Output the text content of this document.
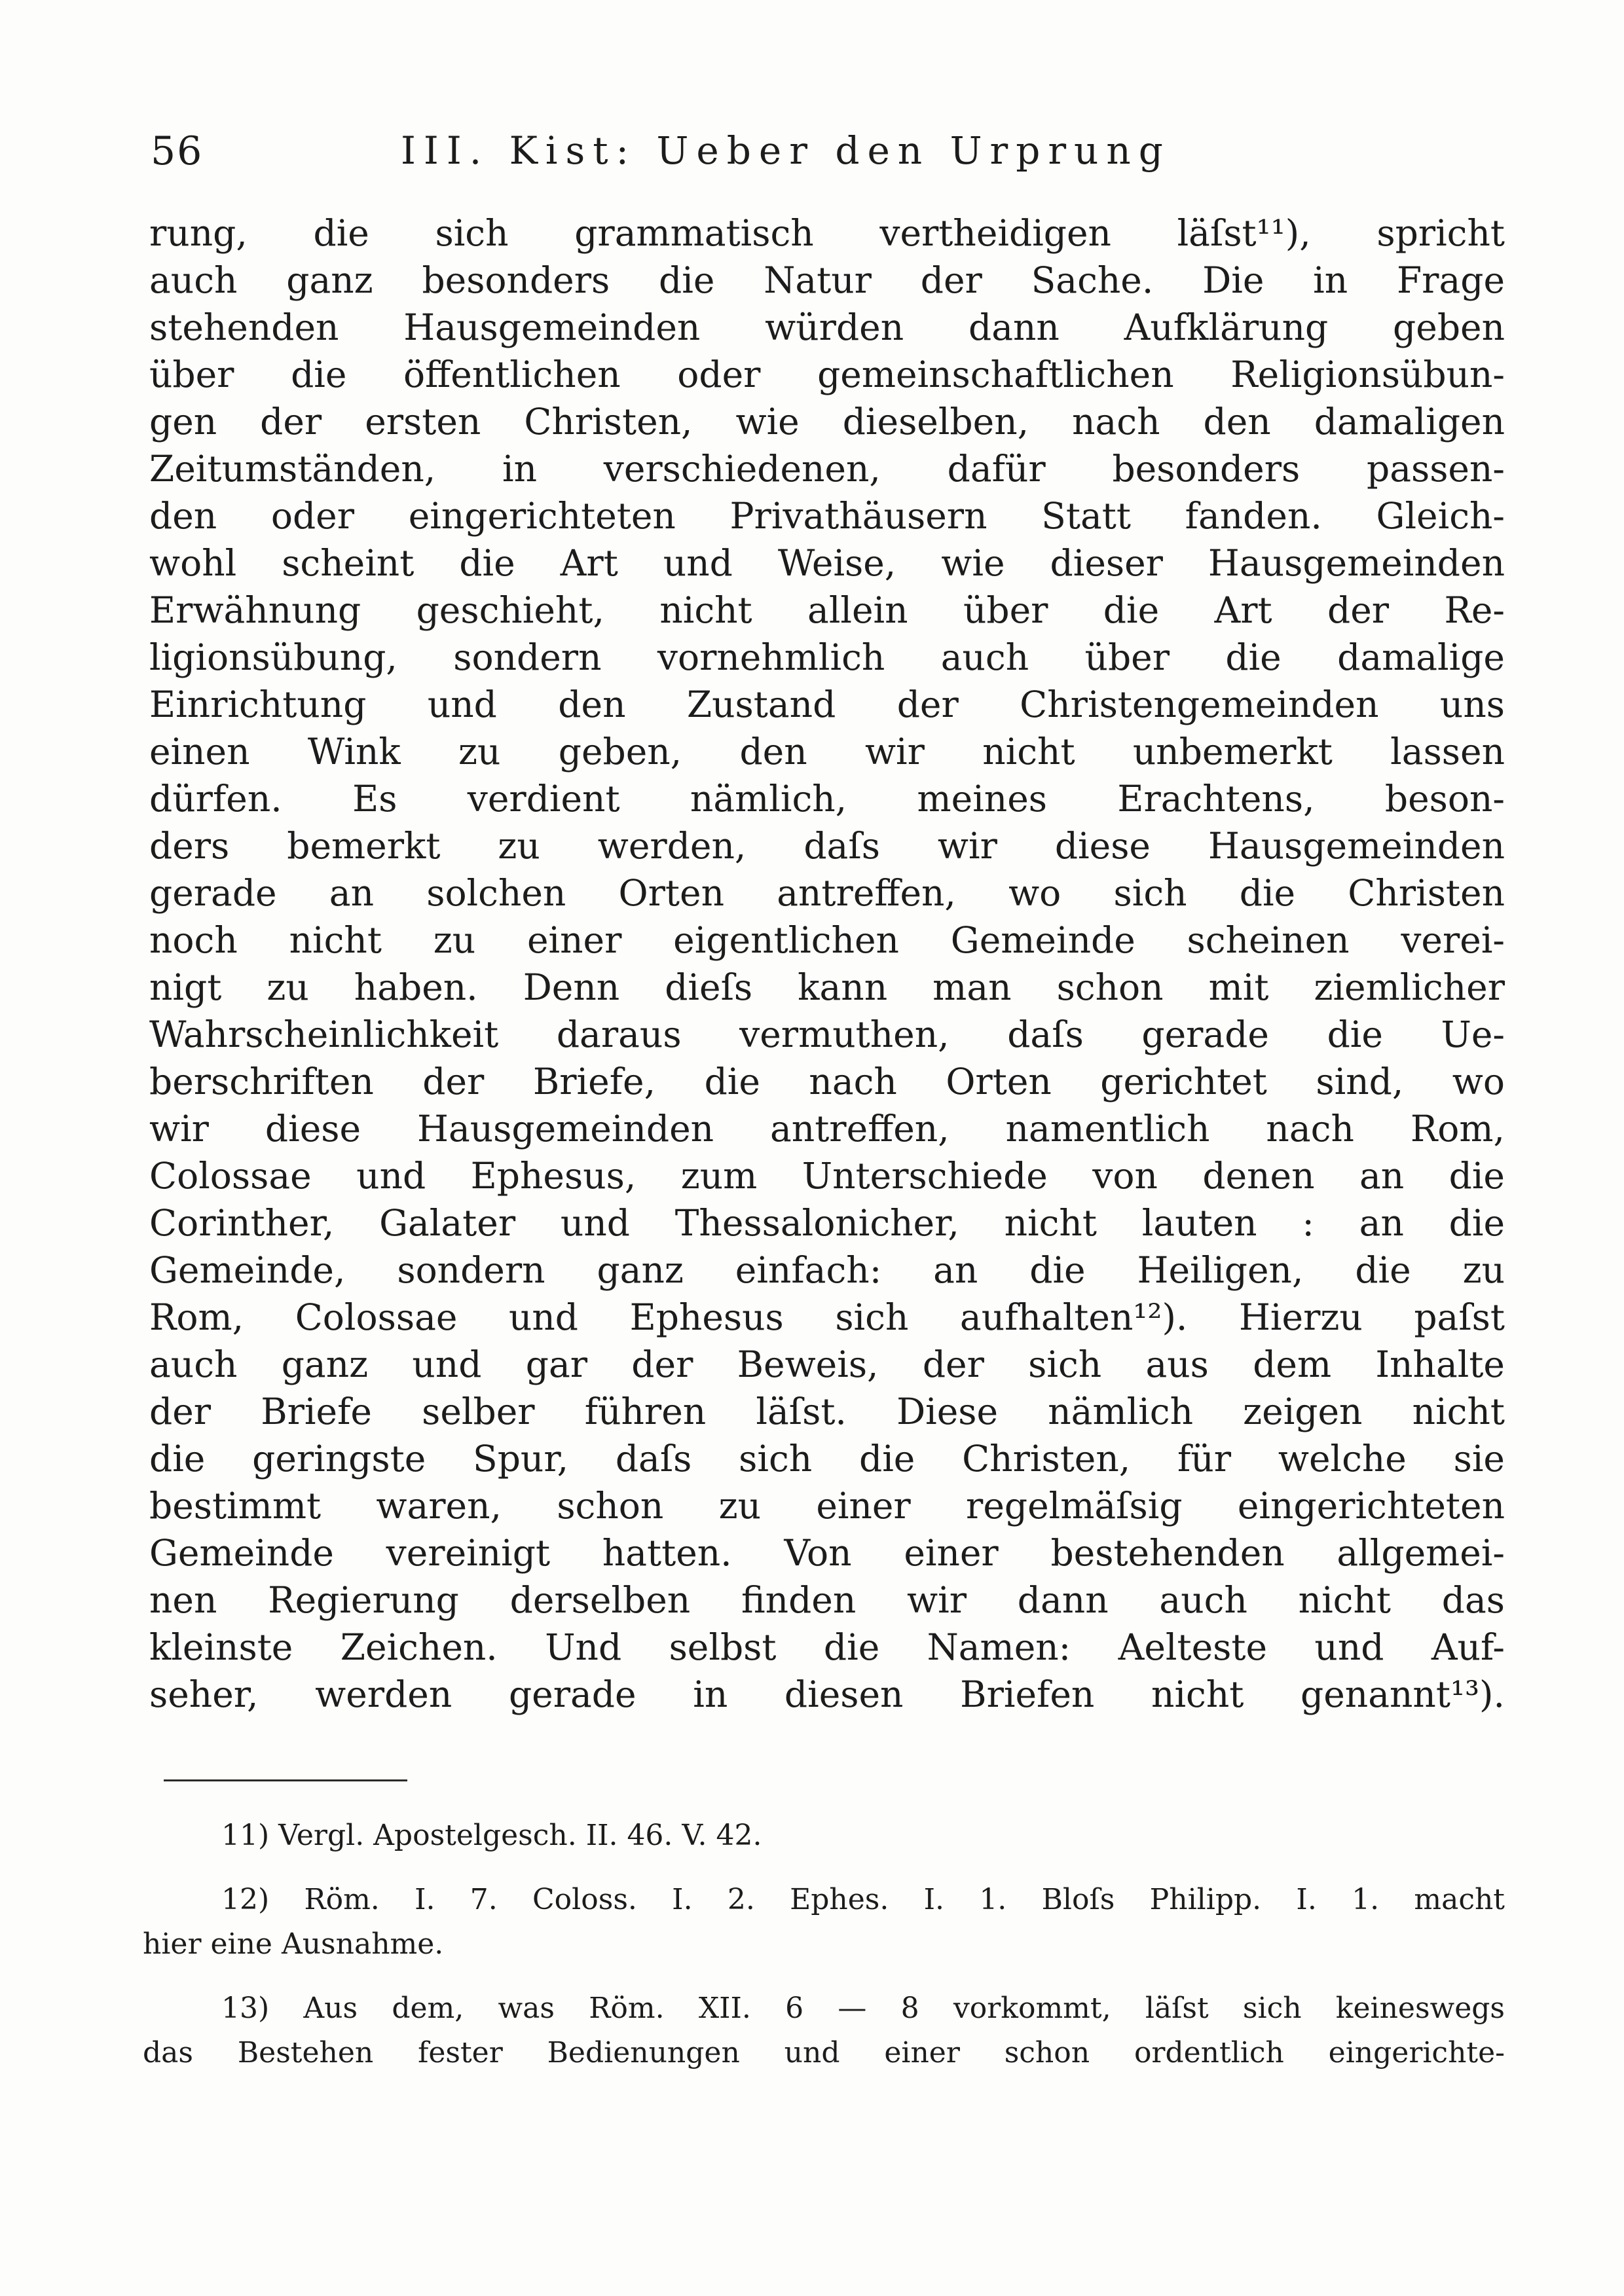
56	III. Kist: Ueber den Urprung
rung, die sich grammatisch vertheidigen läſst¹¹), spricht
auch ganz besonders die Natur der Sache. Die in Frage
stehenden Hausgemeinden würden dann Aufklärung geben
über die öffentlichen oder gemeinschaftlichen Religionsübun-
gen der ersten Christen, wie dieselben, nach den damaligen
Zeitumständen, in verschiedenen, dafür besonders passen-
den oder eingerichteten Privathäusern Statt fanden. Gleich-
wohl scheint die Art und Weise, wie dieser Hausgemeinden
Erwähnung geschieht, nicht allein über die Art der Re-
ligionsübung, sondern vornehmlich auch über die damalige
Einrichtung und den Zustand der Christengemeinden uns
einen Wink zu geben, den wir nicht unbemerkt lassen
dürfen. Es verdient nämlich, meines Erachtens, beson-
ders bemerkt zu werden, daſs wir diese Hausgemeinden
gerade an solchen Orten antreffen, wo sich die Christen
noch nicht zu einer eigentlichen Gemeinde scheinen verei-
nigt zu haben. Denn dieſs kann man schon mit ziemlicher
Wahrscheinlichkeit daraus vermuthen, daſs gerade die Ue-
berschriften der Briefe, die nach Orten gerichtet sind, wo
wir diese Hausgemeinden antreffen, namentlich nach Rom,
Colossae und Ephesus, zum Unterschiede von denen an die
Corinther, Galater und Thessalonicher, nicht lauten : an die
Gemeinde, sondern ganz einfach: an die Heiligen, die zu
Rom, Colossae und Ephesus sich aufhalten¹²). Hierzu paſst
auch ganz und gar der Beweis, der sich aus dem Inhalte
der Briefe selber führen läſst. Diese nämlich zeigen nicht
die geringste Spur, daſs sich die Christen, für welche sie
bestimmt waren, schon zu einer regelmäſsig eingerichteten
Gemeinde vereinigt hatten. Von einer bestehenden allgemei-
nen Regierung derselben finden wir dann auch nicht das
kleinste Zeichen. Und selbst die Namen: Aelteste und Auf-
seher, werden gerade in diesen Briefen nicht genannt¹³).
11) Vergl. Apostelgesch. II. 46. V. 42.
12) Röm. I. 7. Coloss. I. 2. Ephes. I. 1. Bloſs Philipp. I. 1. macht
hier eine Ausnahme.
13) Aus dem, was Röm. XII. 6 — 8 vorkommt, läſst sich keineswegs
das Bestehen fester Bedienungen und einer schon ordentlich eingerichte-
